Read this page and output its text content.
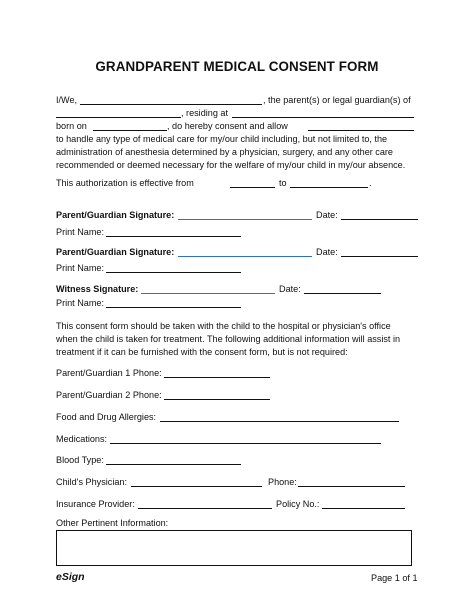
GRANDPARENT MEDICAL CONSENT FORM
I/We,	, the parent(s) or legal guardian(s) of
, residing at
born on	, do hereby consent and allow
to handle any type of medical care for my/our child including, but not limited to, the
administration of anesthesia determined by a physician, surgery, and any other care
recommended or deemed necessary for the welfare of my/our child in my/our absence.
This authorization is effective from	to	.
Parent/Guardian Signature:	Date:
Print Name:
Parent/Guardian Signature:	Date:
Print Name:
Witness Signature:	Date:
Print Name:
This consent form should be taken with the child to the hospital or physician's office
when the child is taken for treatment. The following additional information will assist in
treatment if it can be furnished with the consent form, but is not required:
Parent/Guardian 1 Phone:
Parent/Guardian 2 Phone:
Food and Drug Allergies:
Medications:
Blood Type:
Child's Physician:	Phone:
Insurance Provider:	Policy No.:
Other Pertinent Information:
eSign	Page 1 of 1
